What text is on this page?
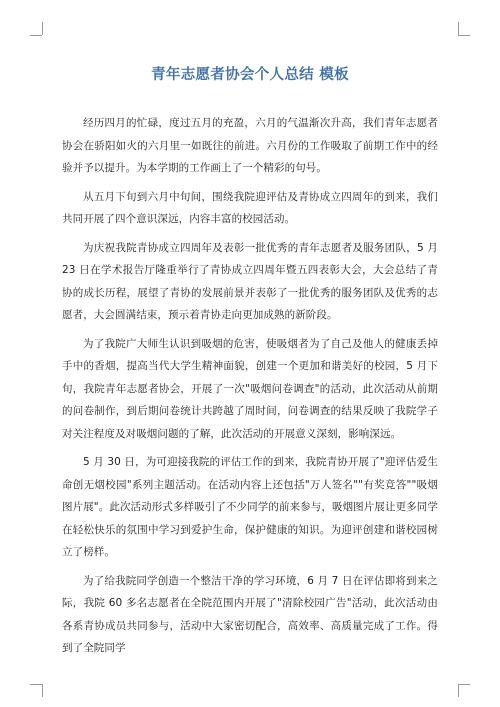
青年志愿者协会个人总结 模板

经历四月的忙碌，度过五月的充盈，六月的气温渐次升高，我们青年志愿者协会在骄阳如火的六月里一如既往的前进。六月份的工作吸取了前期工作中的经验并予以提升。为本学期的工作画上了一个精彩的句号。

从五月下旬到六月中旬间，围绕我院迎评估及青协成立四周年的到来，我们共同开展了四个意识深远，内容丰富的校园活动。

为庆祝我院青协成立四周年及表彰一批优秀的青年志愿者及服务团队，5 月 23 日在学术报告厅隆重举行了青协成立四周年暨五四表彰大会，大会总结了青协的成长历程，展望了青协的发展前景并表彰了一批优秀的服务团队及优秀的志愿者，大会圆满结束，预示着青协走向更加成熟的新阶段。

为了我院广大师生认识到吸烟的危害，使吸烟者为了自己及他人的健康丢掉手中的香烟，提高当代大学生精神面貌，创建一个更加和谐美好的校园，5 月下旬，我院青年志愿者协会，开展了一次"吸烟问卷调查"的活动，此次活动从前期的问卷制作，到后期问卷统计共跨越了周时间，问卷调查的结果反映了我院学子对关注程度及对吸烟问题的了解，此次活动的开展意义深刻，影响深远。

5 月 30 日，为可迎接我院的评估工作的到来，我院青协开展了"迎评估爱生命创无烟校园"系列主题活动。在活动内容上还包括"万人签名""有奖竞答""吸烟图片展"。此次活动形式多样吸引了不少同学的前来参与，吸烟图片展让更多同学在轻松快乐的氛围中学习到爱护生命，保护健康的知识。为迎评创建和谐校园树立了榜样。

为了给我院同学创造一个整洁干净的学习环境，6 月 7 日在评估即将到来之际，我院 60 多名志愿者在全院范围内开展了"清除校园广告"活动，此次活动由各系青协成员共同参与，活动中大家密切配合，高效率、高质量完成了工作。得到了全院同学
